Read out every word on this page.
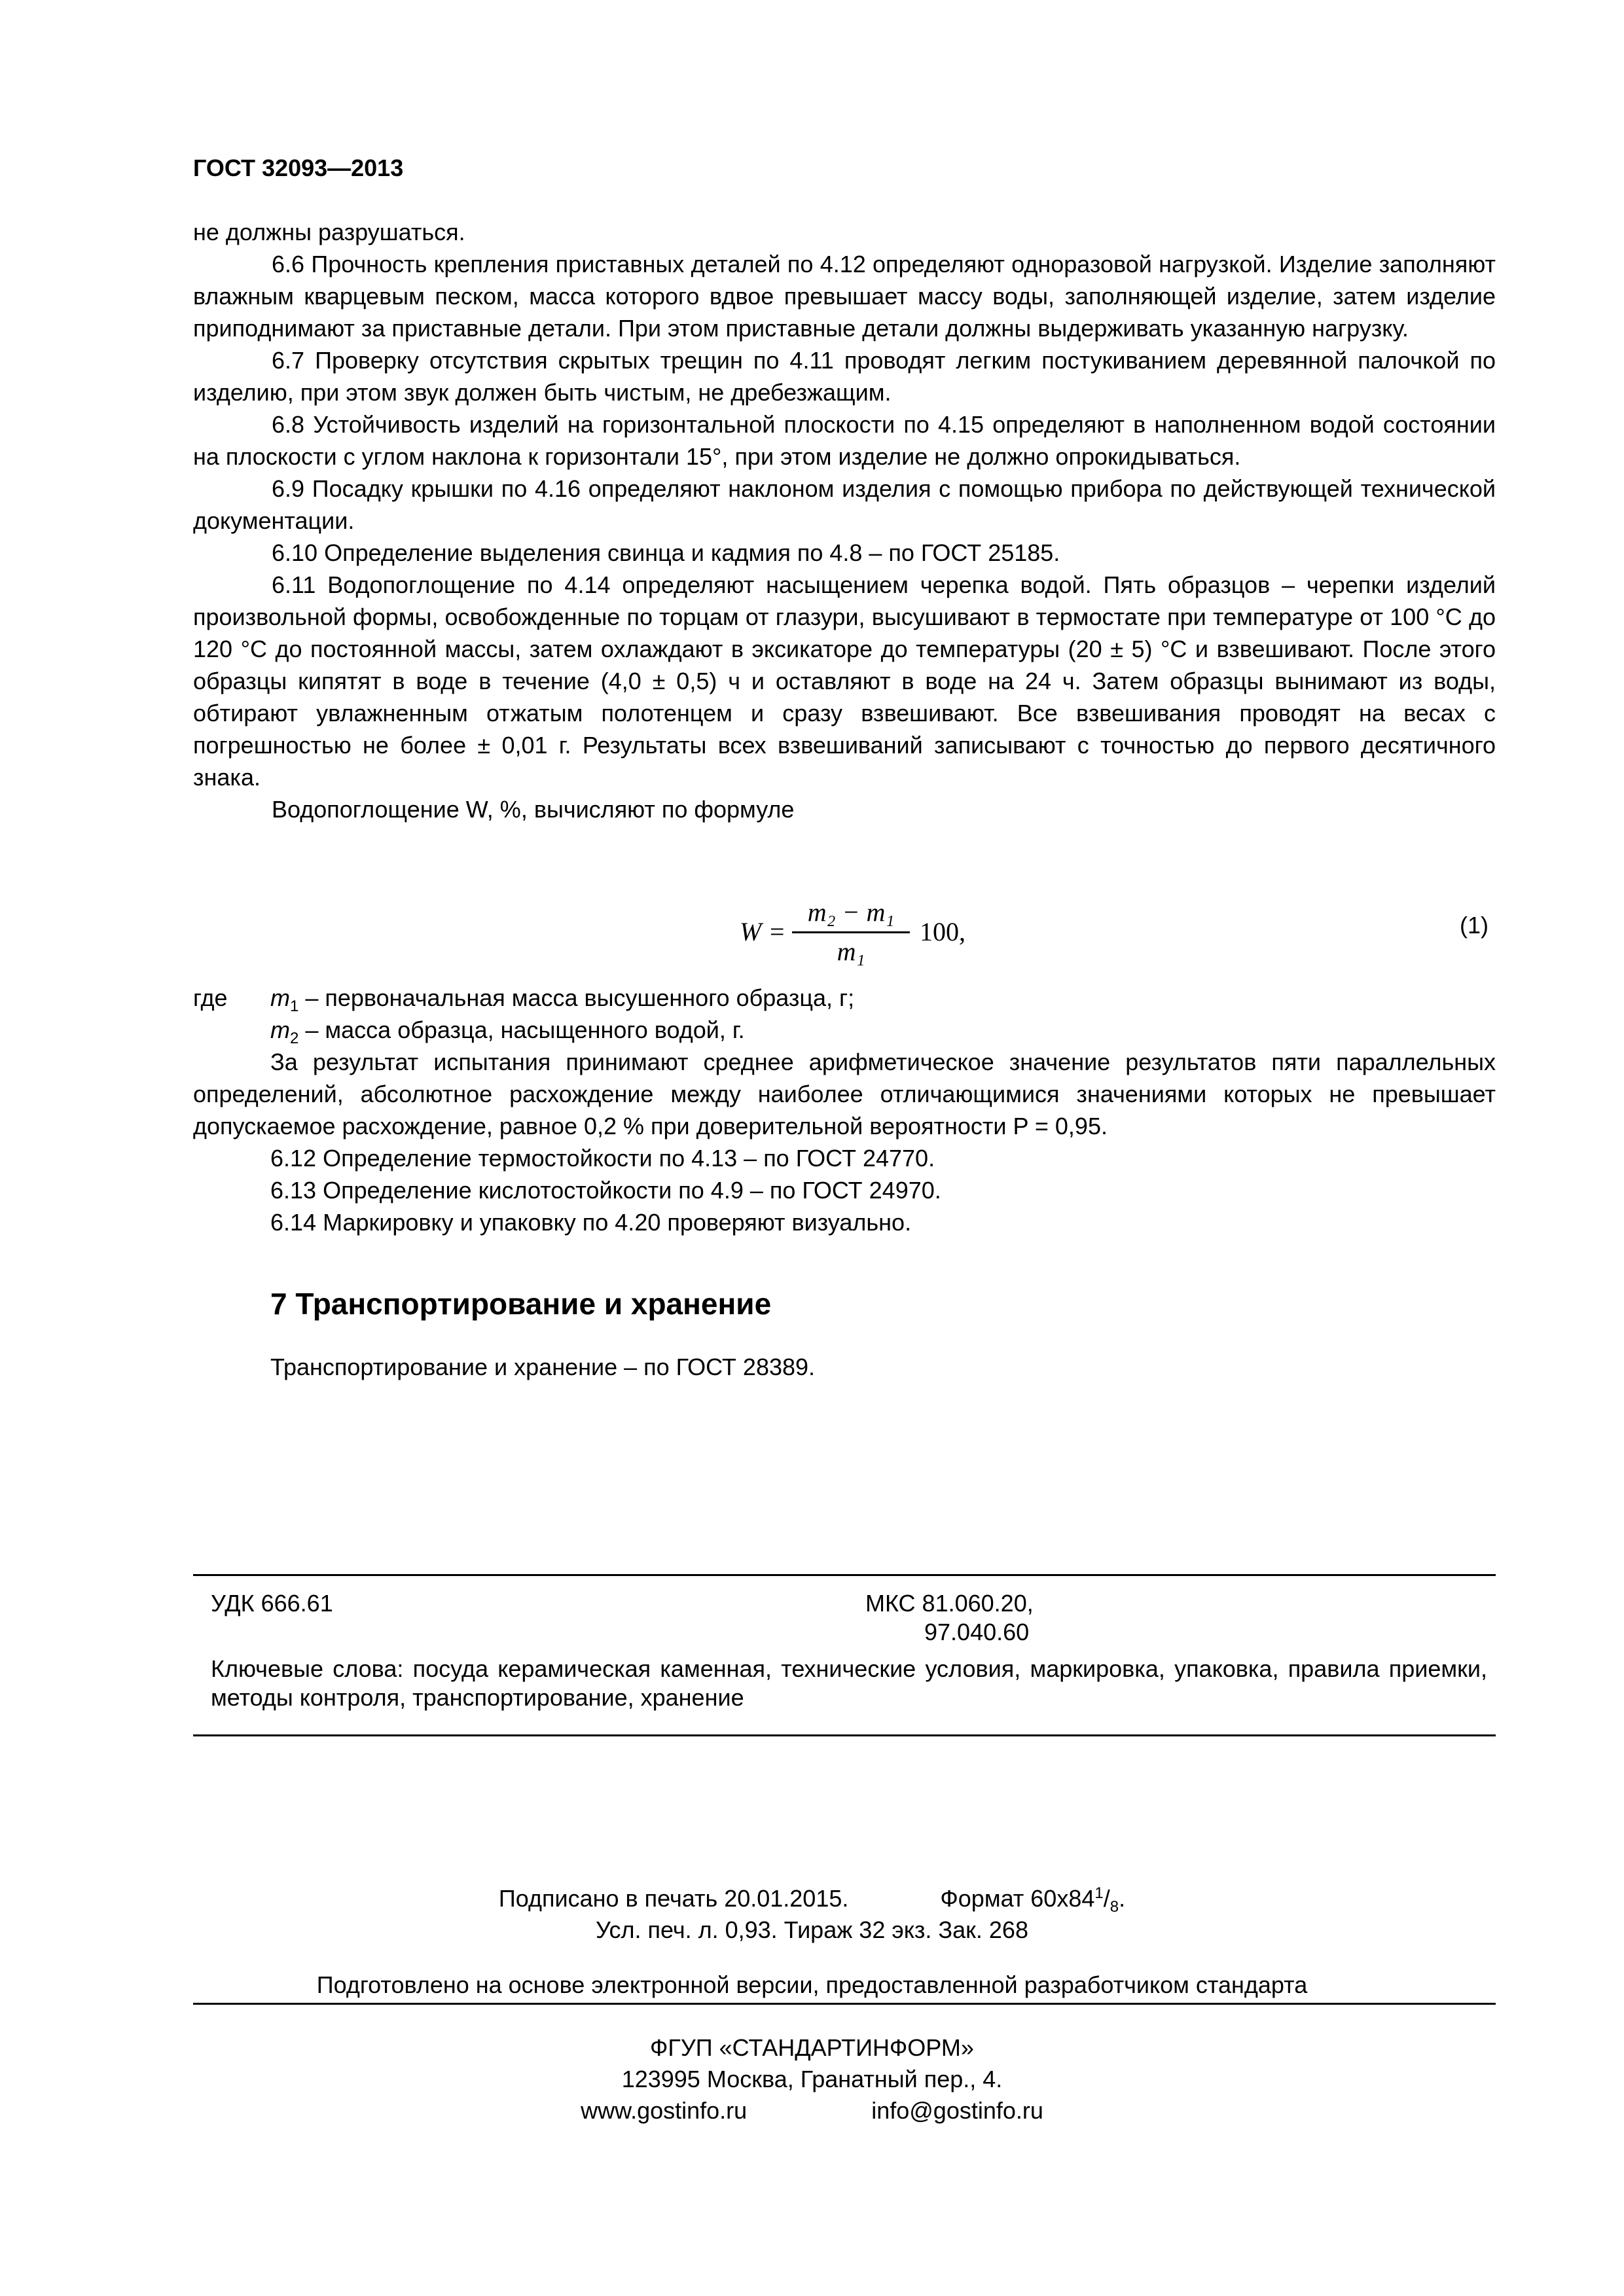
ГОСТ 32093—2013

не должны разрушаться.

6.6 Прочность крепления приставных деталей по 4.12 определяют одноразовой нагрузкой. Изделие заполняют влажным кварцевым песком, масса которого вдвое превышает массу воды, заполняющей изделие, затем изделие приподнимают за приставные детали. При этом приставные детали должны выдерживать указанную нагрузку.

6.7 Проверку отсутствия скрытых трещин по 4.11 проводят легким постукиванием деревянной палочкой по изделию, при этом звук должен быть чистым, не дребезжащим.

6.8 Устойчивость изделий на горизонтальной плоскости по 4.15 определяют в наполненном водой состоянии на плоскости с углом наклона к горизонтали 15°, при этом изделие не должно опрокидываться.

6.9 Посадку крышки по 4.16 определяют наклоном изделия с помощью прибора по действующей технической документации.

6.10 Определение выделения свинца и кадмия по 4.8 – по ГОСТ 25185.

6.11 Водопоглощение по 4.14 определяют насыщением черепка водой. Пять образцов – черепки изделий произвольной формы, освобожденные по торцам от глазури, высушивают в термостате при температуре от 100 °С до 120 °С до постоянной массы, затем охлаждают в эксикаторе до температуры (20 ± 5) °С и взвешивают. После этого образцы кипятят в воде в течение (4,0 ± 0,5) ч и оставляют в воде на 24 ч. Затем образцы вынимают из воды, обтирают увлажненным отжатым полотенцем и сразу взвешивают. Все взвешивания проводят на весах с погрешностью не более ± 0,01 г. Результаты всех взвешиваний записывают с точностью до первого десятичного знака.

Водопоглощение W, %, вычисляют по формуле

W =
m₂ − m₁
m₁
100,	(1)
где $m_1$ – первоначальная масса высушенного образца, г;
$m_2$ – масса образца, насыщенного водой, г.

За результат испытания принимают среднее арифметическое значение результатов пяти параллельных определений, абсолютное расхождение между наиболее отличающимися значениями которых не превышает допускаемое расхождение, равное 0,2 % при доверительной вероятности P = 0,95.

6.12 Определение термостойкости по 4.13 – по ГОСТ 24770.
6.13 Определение кислотостойкости по 4.9 – по ГОСТ 24970.
6.14 Маркировку и упаковку по 4.20 проверяют визуально.
7 Транспортирование и хранение
Транспортирование и хранение – по ГОСТ 28389.
УДК 666.61	МКС 81.060.20,
97.040.60
Ключевые слова: посуда керамическая каменная, технические условия, маркировка, упаковка, правила приемки, методы контроля, транспортирование, хранение
Подписано в печать 20.01.2015.	Формат $60х84^1/_8$.
Усл. печ. л. 0,93. Тираж 32 экз. Зак. 268
Подготовлено на основе электронной версии, предоставленной разработчиком стандарта
ФГУП «СТАНДАРТИНФОРМ»
123995 Москва, Гранатный пер., 4.
www.gostinfo.ru	info@gostinfo.ru
